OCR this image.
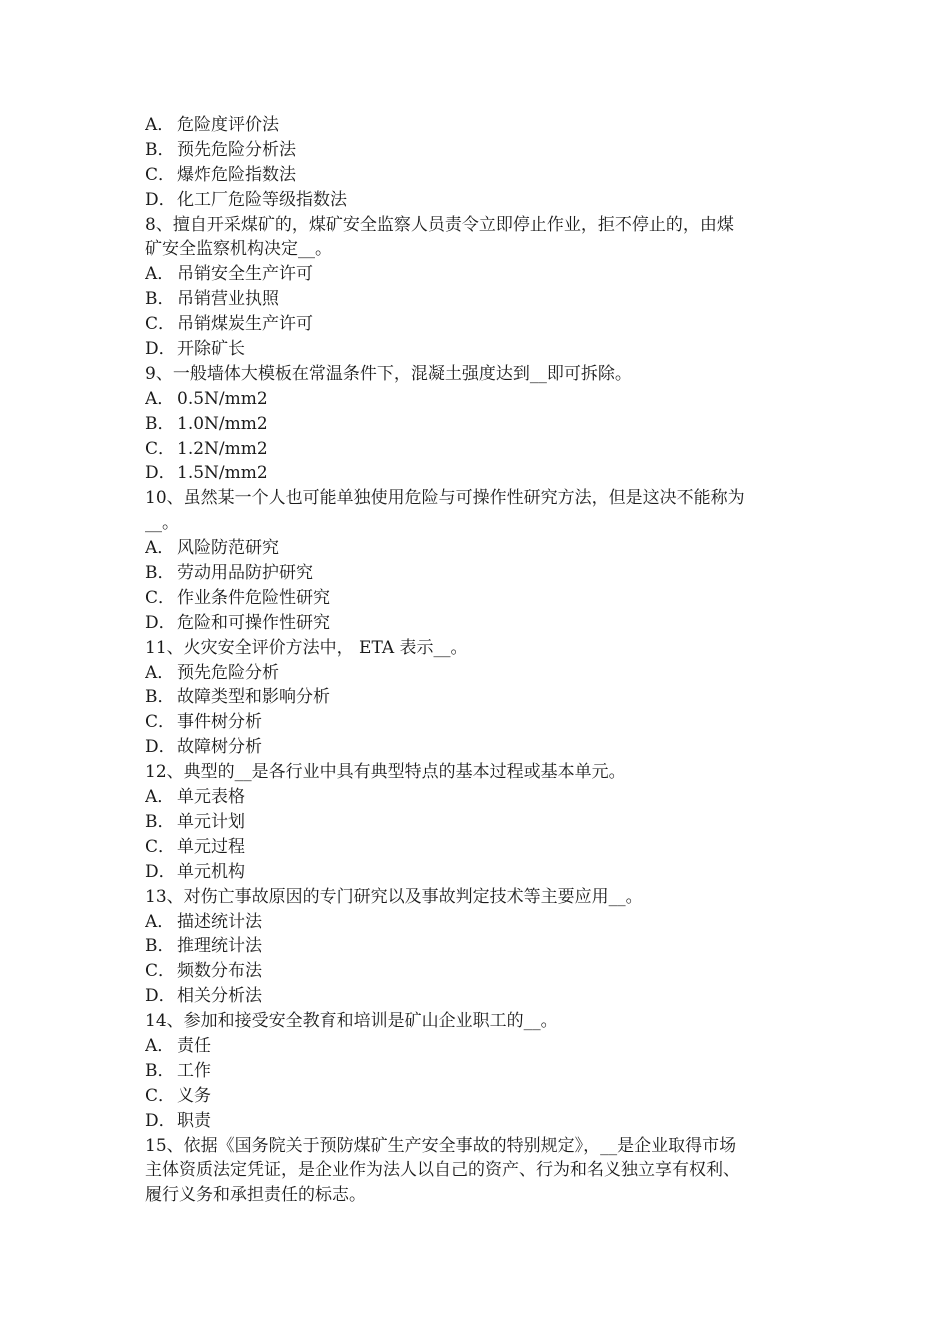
A． 危险度评价法
B． 预先危险分析法
C． 爆炸危险指数法
D．化工厂危险等级指数法
8、擅自开采煤矿的，煤矿安全监察人员责令立即停止作业，拒不停止的，由煤
矿安全监察机构决定__。
A． 吊销安全生产许可
B． 吊销营业执照
C． 吊销煤炭生产许可
D．开除矿长
9、一般墙体大模板在常温条件下，混凝土强度达到__即可拆除。
A． 0.5N/mm2
B． 1.0N/mm2
C． 1.2N/mm2
D．1.5N/mm2
10、虽然某一个人也可能单独使用危险与可操作性研究方法，但是这决不能称为
__。
A． 风险防范研究
B． 劳动用品防护研究
C． 作业条件危险性研究
D．危险和可操作性研究
11、火灾安全评价方法中， ETA 表示__。
A． 预先危险分析
B． 故障类型和影响分析
C． 事件树分析
D．故障树分析
12、典型的__是各行业中具有典型特点的基本过程或基本单元。
A． 单元表格
B． 单元计划
C． 单元过程
D．单元机构
13、对伤亡事故原因的专门研究以及事故判定技术等主要应用__。
A． 描述统计法
B． 推理统计法
C． 频数分布法
D．相关分析法
14、参加和接受安全教育和培训是矿山企业职工的__。
A． 责任
B． 工作
C． 义务
D．职责
15、依据《国务院关于预防煤矿生产安全事故的特别规定》，__是企业取得市场
主体资质法定凭证，是企业作为法人以自己的资产、行为和名义独立享有权利、
履行义务和承担责任的标志。
